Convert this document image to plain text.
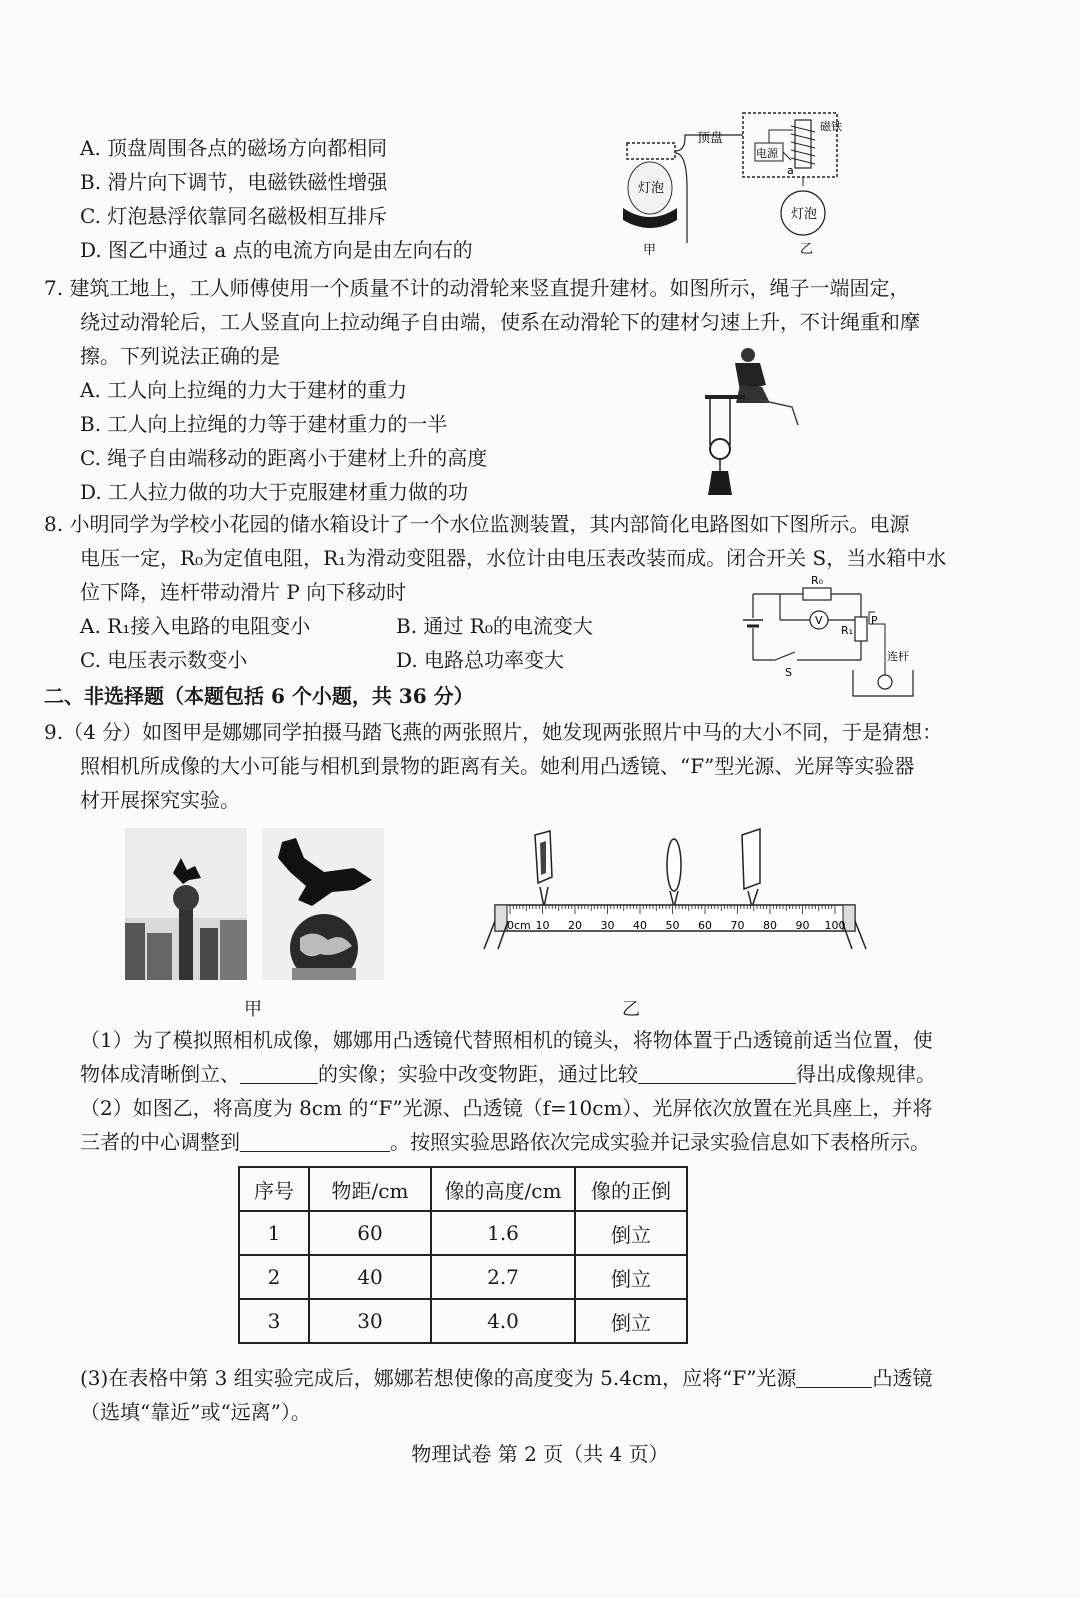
A. 顶盘周围各点的磁场方向都相同
B. 滑片向下调节，电磁铁磁性增强
C. 灯泡悬浮依靠同名磁极相互排斥
D. 图乙中通过 a 点的电流方向是由左向右的
顶盘
灯泡
甲
电源
a
磁铁
灯泡
乙
7. 建筑工地上，工人师傅使用一个质量不计的动滑轮来竖直提升建材。如图所示，绳子一端固定，
绕过动滑轮后，工人竖直向上拉动绳子自由端，使系在动滑轮下的建材匀速上升，不计绳重和摩
擦。下列说法正确的是
A. 工人向上拉绳的力大于建材的重力
B. 工人向上拉绳的力等于建材重力的一半
C. 绳子自由端移动的距离小于建材上升的高度
D. 工人拉力做的功大于克服建材重力做的功
8. 小明同学为学校小花园的储水箱设计了一个水位监测装置，其内部简化电路图如下图所示。电源
电压一定，R₀为定值电阻，R₁为滑动变阻器，水位计由电压表改装而成。闭合开关 S，当水箱中水
位下降，连杆带动滑片 P 向下移动时
A. R₁接入电路的电阻变小	B. 通过 R₀的电流变大
C. 电压表示数变小	D. 电路总功率变大
R₀
V
R₁
P
S
连杆
二、非选择题（本题包括 6 个小题，共 36 分）
9.（4 分）如图甲是娜娜同学拍摄马踏飞燕的两张照片，她发现两张照片中马的大小不同，于是猜想：
照相机所成像的大小可能与相机到景物的距离有关。她利用凸透镜、“F”型光源、光屏等实验器
材开展探究实验。
甲
0cm 10 20 30 40 50 60 70 80 90 100
乙
（1）为了模拟照相机成像，娜娜用凸透镜代替照相机的镜头，将物体置于凸透镜前适当位置，使
物体成清晰倒立、	的实像；实验中改变物距，通过比较	得出成像规律。
（2）如图乙，将高度为 8cm 的“F”光源、凸透镜（f=10cm）、光屏依次放置在光具座上，并将
三者的中心调整到	。按照实验思路依次完成实验并记录实验信息如下表格所示。
序号	物距/cm	像的高度/cm	像的正倒
1	60	1.6	倒立
2	40	2.7	倒立
3	30	4.0	倒立
(3)在表格中第 3 组实验完成后，娜娜若想使像的高度变为 5.4cm，应将“F”光源	凸透镜
（选填“靠近”或“远离”）。
物理试卷 第 2 页（共 4 页）
